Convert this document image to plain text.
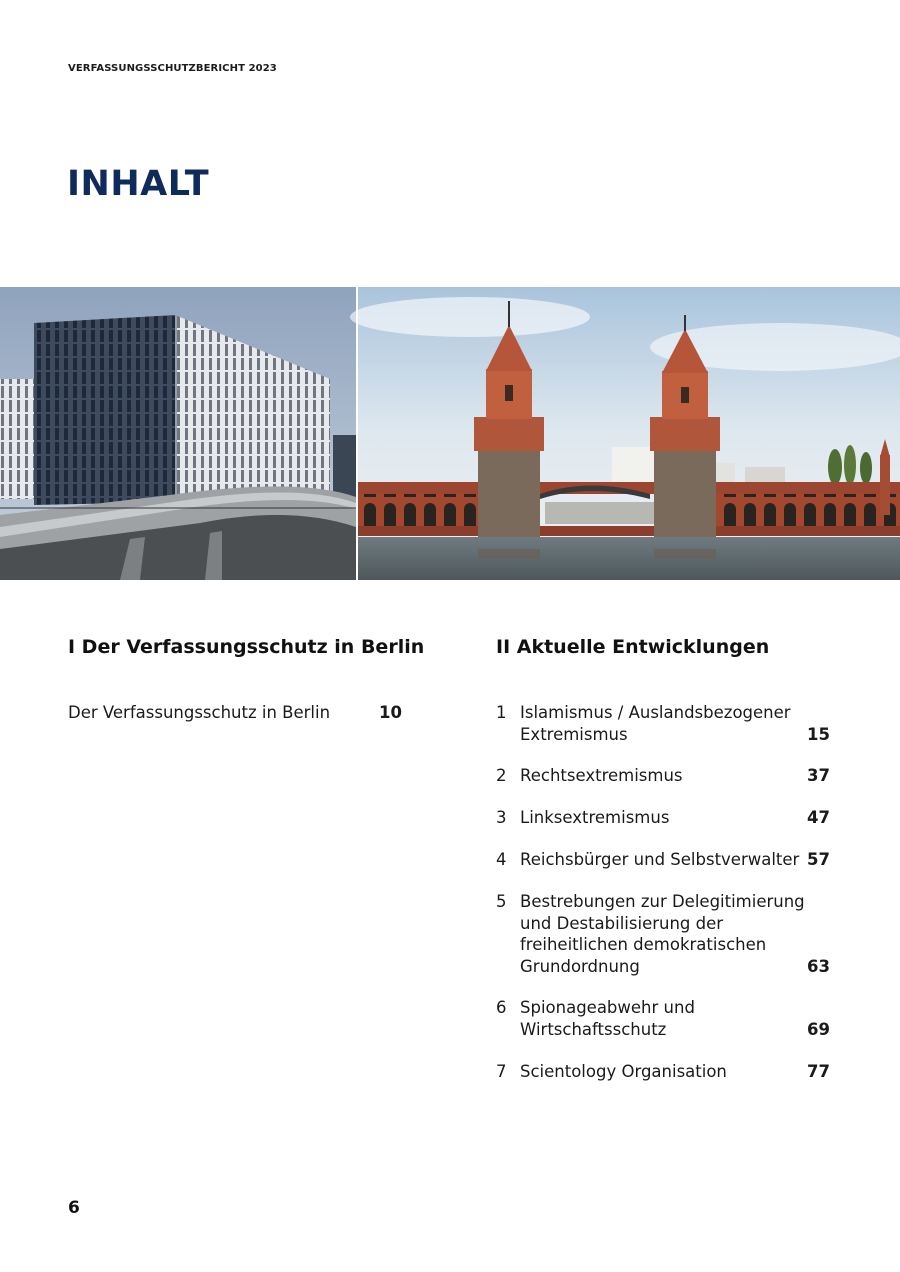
VERFASSUNGSSCHUTZBERICHT 2023
INHALT
I Der Verfassungsschutz in Berlin
Der Verfassungsschutz in Berlin	10
II Aktuelle Entwicklungen
1 Islamismus / Auslandsbezogener
Extremismus	15
2 Rechtsextremismus	37
3 Linksextremismus	47
4 Reichsbürger und Selbstverwalter 57
5 Bestrebungen zur Delegitimierung
und Destabilisierung der
freiheitlichen demokratischen
Grundordnung	63
6 Spionageabwehr und
Wirtschaftsschutz	69
7 Scientology Organisation	77
6
